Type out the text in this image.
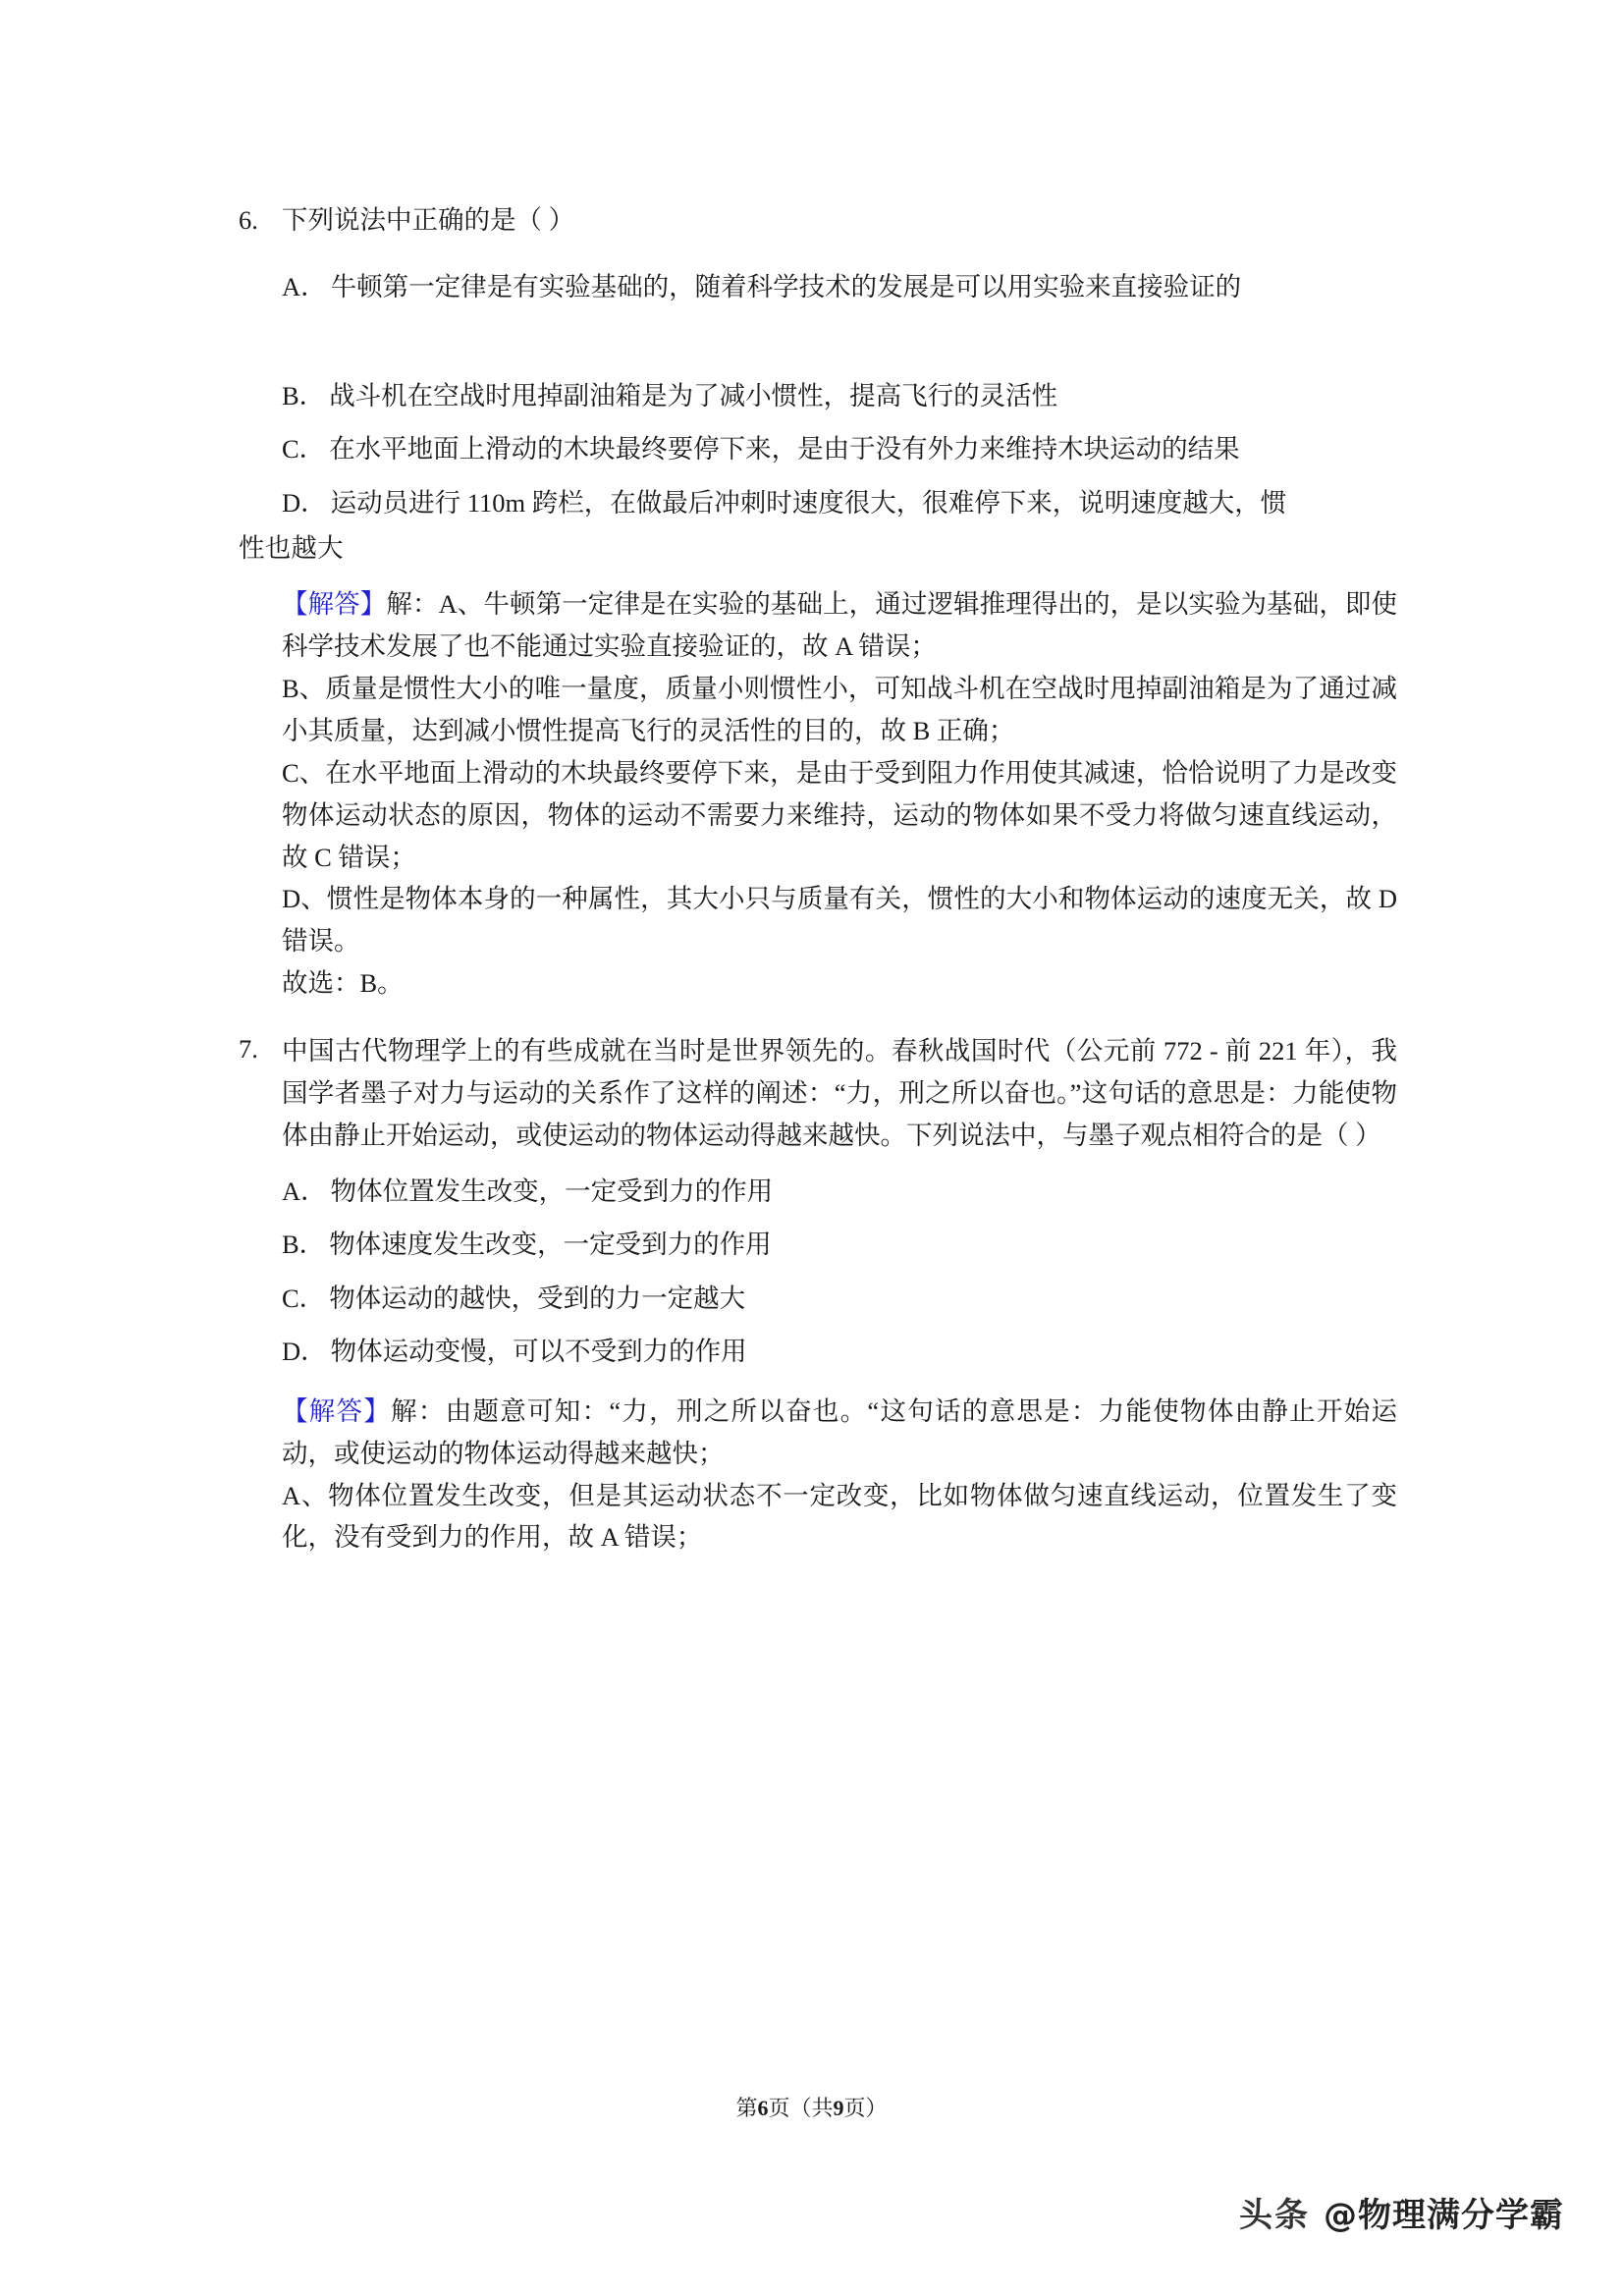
6. 下列说法中正确的是（ ）
A． 牛顿第一定律是有实验基础的，随着科学技术的发展是可以用实验来直接验证的
B． 战斗机在空战时甩掉副油箱是为了减小惯性，提高飞行的灵活性
C． 在水平地面上滑动的木块最终要停下来，是由于没有外力来维持木块运动的结果
D． 运动员进行 110m 跨栏，在做最后冲刺时速度很大，很难停下来，说明速度越大，惯
性也越大
【解答】解：A、牛顿第一定律是在实验的基础上，通过逻辑推理得出的，是以实验为基础，即使科学技术发展了也不能通过实验直接验证的，故 A 错误；
B、质量是惯性大小的唯一量度，质量小则惯性小，可知战斗机在空战时甩掉副油箱是为了通过减小其质量，达到减小惯性提高飞行的灵活性的目的，故 B 正确；
C、在水平地面上滑动的木块最终要停下来，是由于受到阻力作用使其减速，恰恰说明了力是改变物体运动状态的原因，物体的运动不需要力来维持，运动的物体如果不受力将做匀速直线运动，故 C 错误；
D、惯性是物体本身的一种属性，其大小只与质量有关，惯性的大小和物体运动的速度无关，故 D 错误。
故选：B。
7. 中国古代物理学上的有些成就在当时是世界领先的。春秋战国时代（公元前 772 - 前 221 年），我国学者墨子对力与运动的关系作了这样的阐述：“力，刑之所以奋也。”这句话的意思是：力能使物体由静止开始运动，或使运动的物体运动得越来越快。下列说法中，与墨子观点相符合的是（ ）
A． 物体位置发生改变，一定受到力的作用
B． 物体速度发生改变，一定受到力的作用
C． 物体运动的越快，受到的力一定越大
D． 物体运动变慢，可以不受到力的作用
【解答】解：由题意可知：“力，刑之所以奋也。“这句话的意思是：力能使物体由静止开始运动，或使运动的物体运动得越来越快；
A、物体位置发生改变，但是其运动状态不一定改变，比如物体做匀速直线运动，位置发生了变化，没有受到力的作用，故 A 错误；
第6页（共9页）
头条 @物理满分学霸
